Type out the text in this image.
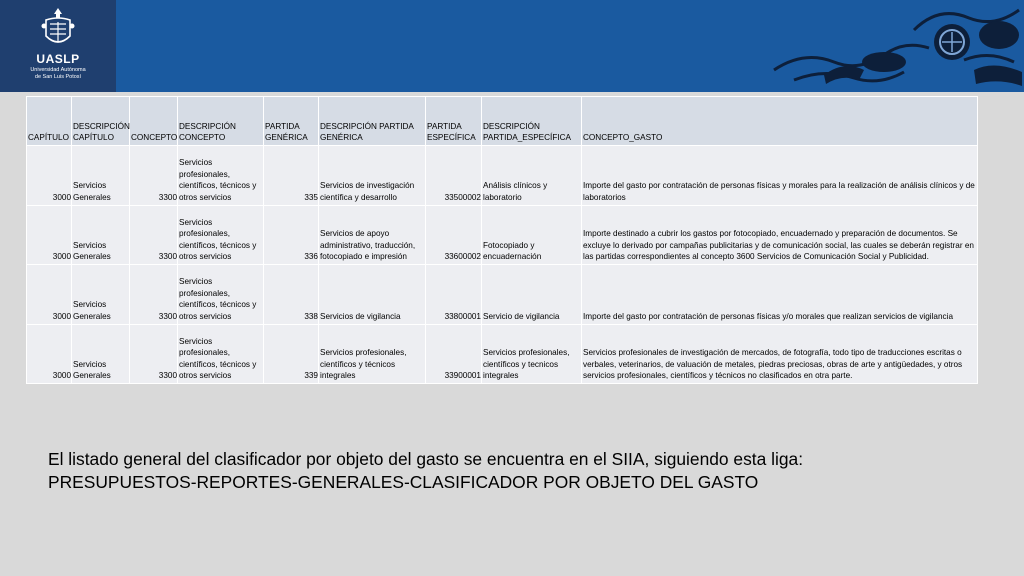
UASLP
Universidad Autónoma
de San Luis Potosí
CAPÍTULO	DESCRIPCIÓN CAPÍTULO	CONCEPTO	DESCRIPCIÓN CONCEPTO	PARTIDA GENÉRICA	DESCRIPCIÓN PARTIDA GENÉRICA	PARTIDA ESPECÍFICA	DESCRIPCIÓN PARTIDA_ESPECÍFICA	CONCEPTO_GASTO
3000	Servicios Generales	3300	Servicios profesionales, científicos, técnicos y otros servicios	335	Servicios de investigación científica y desarrollo	33500002	Análisis clínicos y laboratorio	Importe del gasto por contratación de personas físicas y morales para la realización de análisis clínicos y de laboratorios
3000	Servicios Generales	3300	Servicios profesionales, científicos, técnicos y otros servicios	336	Servicios de apoyo administrativo, traducción, fotocopiado e impresión	33600002	Fotocopiado y encuadernación	Importe destinado a cubrir los gastos por fotocopiado, encuadernado y preparación de documentos. Se excluye lo derivado por campañas publicitarias y de comunicación social, las cuales se deberán registrar en las partidas correspondientes al concepto 3600 Servicios de Comunicación Social y Publicidad.
3000	Servicios Generales	3300	Servicios profesionales, científicos, técnicos y otros servicios	338	Servicios de vigilancia	33800001	Servicio de vigilancia	Importe del gasto por contratación de personas físicas y/o morales que realizan servicios de vigilancia
3000	Servicios Generales	3300	Servicios profesionales, científicos, técnicos y otros servicios	339	Servicios profesionales, científicos y técnicos integrales	33900001	Servicios profesionales, científicos y tecnicos integrales	Servicios profesionales de investigación de mercados, de fotografía, todo tipo de traducciones escritas o verbales, veterinarios, de valuación de metales, piedras preciosas, obras de arte y antigüedades, y otros servicios profesionales, científicos y técnicos no clasificados en otra parte.
El listado general del clasificador por objeto del gasto se encuentra en el SIIA, siguiendo esta liga:
PRESUPUESTOS-REPORTES-GENERALES-CLASIFICADOR POR OBJETO DEL GASTO
